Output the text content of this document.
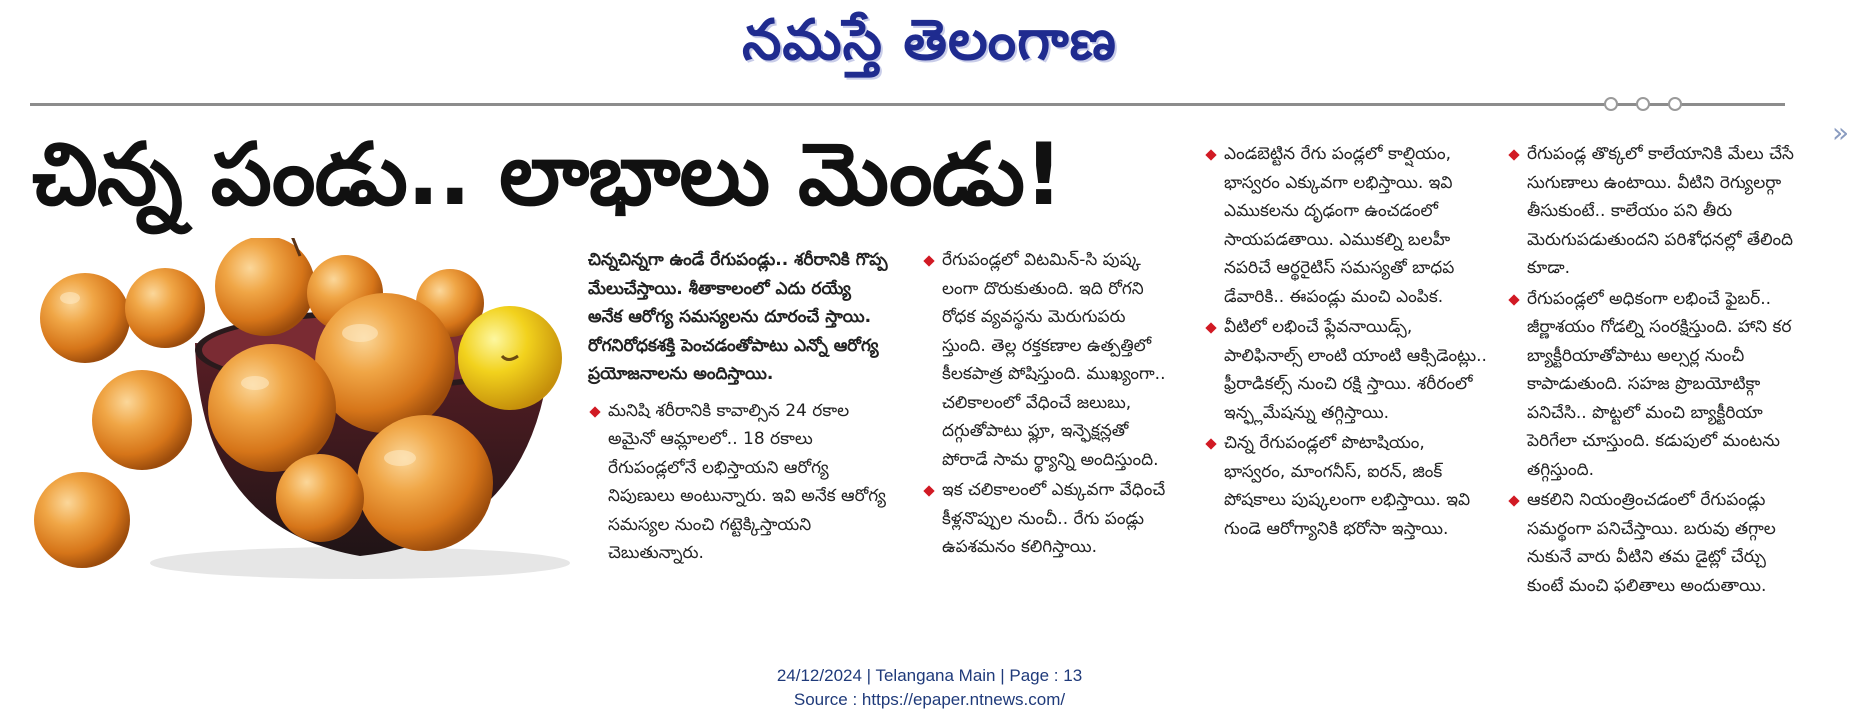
నమస్తే తెలంగాణ
»
చిన్న పండు.. లాభాలు మెండు!

చిన్నచిన్నగా ఉండే రేగుపండ్లు.. శరీరానికి గొప్ప మేలుచేస్తాయి. శీతాకాలంలో ఎదు రయ్యే అనేక ఆరోగ్య సమస్యలను దూరంచే స్తాయి. రోగనిరోధకశక్తి పెంచడంతోపాటు ఎన్నో ఆరోగ్య ప్రయోజనాలను అందిస్తాయి.

మనిషి శరీరానికి కావాల్సిన 24 రకాల అమైనో ఆమ్లాలలో.. 18 రకాలు రేగుపండ్లలోనే లభిస్తాయని ఆరోగ్య నిపుణులు అంటున్నారు. ఇవి అనేక ఆరోగ్య సమస్యల నుంచి గట్టెక్కిస్తాయని చెబుతున్నారు.
రేగుపండ్లలో విటమిన్-సి పుష్క లంగా దొరుకుతుంది. ఇది రోగని రోధక వ్యవస్థను మెరుగుపరు స్తుంది. తెల్ల రక్తకణాల ఉత్పత్తిలో కీలకపాత్ర పోషిస్తుంది. ముఖ్యంగా.. చలికాలంలో వేధించే జలుబు, దగ్గుతోపాటు ఫ్లూ, ఇన్ఫెక్షన్లతో పోరాడే సామ ర్థ్యాన్ని అందిస్తుంది.
ఇక చలికాలంలో ఎక్కువగా వేధించే కీళ్లనొప్పుల నుంచీ.. రేగు పండ్లు ఉపశమనం కలిగిస్తాయి.
ఎండబెట్టిన రేగు పండ్లలో కాల్షియం, భాస్వరం ఎక్కువగా లభిస్తాయి. ఇవి ఎముకలను దృఢంగా ఉంచడంలో సాయపడతాయి. ఎముకల్ని బలహీ నపరిచే ఆర్థరైటిస్ సమస్యతో బాధప డేవారికి.. ఈపండ్లు మంచి ఎంపిక.
వీటిలో లభించే ఫ్లేవనాయిడ్స్, పాలిఫినాల్స్ లాంటి యాంటి ఆక్సిడెంట్లు.. ఫ్రీరాడికల్స్ నుంచి రక్షి స్తాయి. శరీరంలో ఇన్ఫ్లమేషన్ను తగ్గిస్తాయి.
చిన్న రేగుపండ్లలో పొటాషియం, భాస్వరం, మాంగనీస్, ఐరన్, జింక్ పోషకాలు పుష్కలంగా లభిస్తాయి. ఇవి గుండె ఆరోగ్యానికి భరోసా ఇస్తాయి.
రేగుపండ్ల తొక్కలో కాలేయానికి మేలు చేసే సుగుణాలు ఉంటాయి. వీటిని రెగ్యులర్గా తీసుకుంటే.. కాలేయం పని తీరు మెరుగుపడుతుందని పరిశోధనల్లో తేలింది కూడా.
రేగుపండ్లలో అధికంగా లభించే ఫైబర్.. జీర్ణాశయం గోడల్ని సంరక్షిస్తుంది. హాని కర బ్యాక్టీరియాతోపాటు అల్సర్ల నుంచీ కాపాడుతుంది. సహజ ప్రొబయోటిక్గా పనిచేసి.. పొట్టలో మంచి బ్యాక్టీరియా పెరిగేలా చూస్తుంది. కడుపులో మంటను తగ్గిస్తుంది.
ఆకలిని నియంత్రించడంలో రేగుపండ్లు సమర్థంగా పనిచేస్తాయి. బరువు తగ్గాల నుకునే వారు వీటిని తమ డైట్లో చేర్చు కుంటే మంచి ఫలితాలు అందుతాయి.
24/12/2024 | Telangana Main | Page : 13
Source : https://epaper.ntnews.com/
